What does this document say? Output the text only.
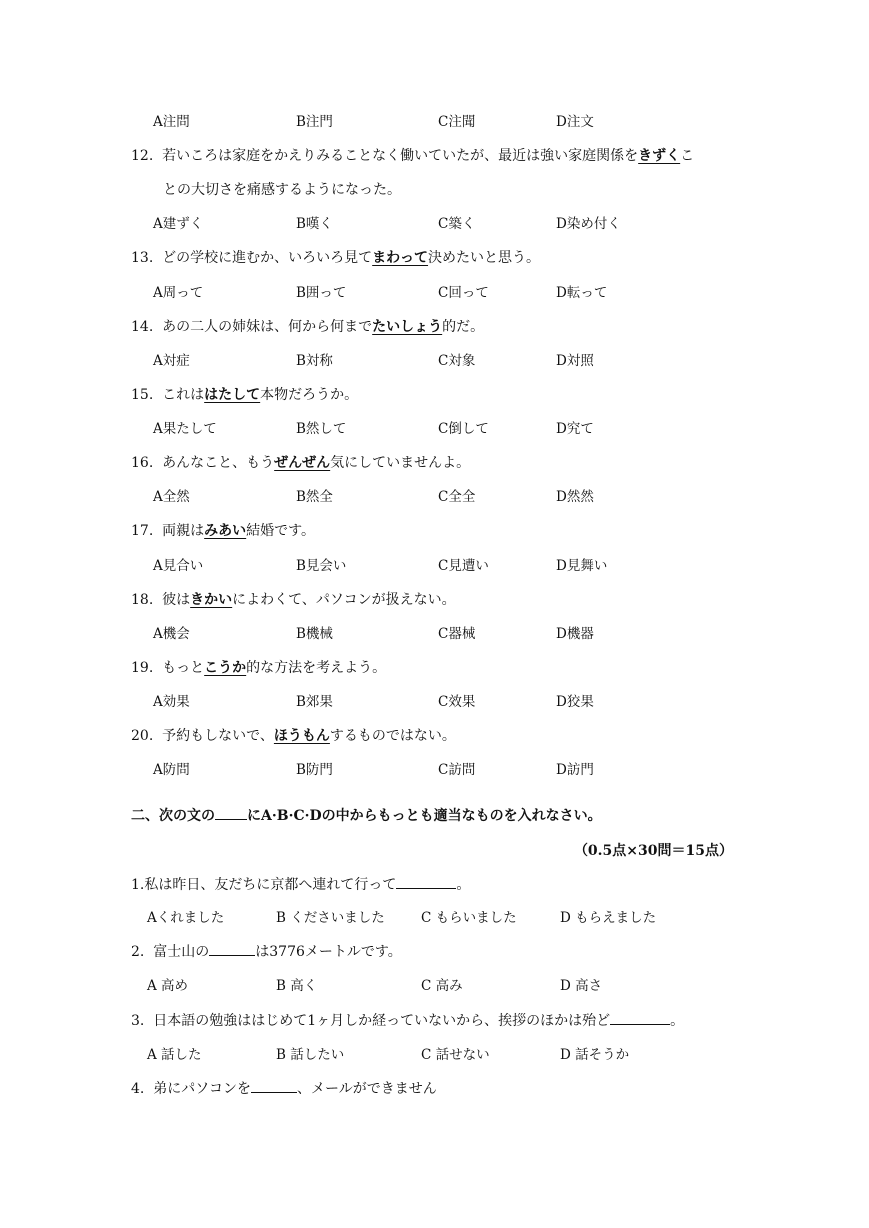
A注問	B注門	C注聞	D注文
12. 若いころは家庭をかえりみることなく働いていたが、最近は強い家庭関係をきずくこ
との大切さを痛感するようになった。
A建ずく	B嘆く	C築く	D染め付く
13. どの学校に進むか、いろいろ見てまわって決めたいと思う。
A周って	B囲って	C回って	D転って
14. あの二人の姉妹は、何から何までたいしょう的だ。
A対症	B対称	C対象	D対照
15. これははたして本物だろうか。
A果たして	B然して	C倒して	D究て
16. あんなこと、もうぜんぜん気にしていませんよ。
A全然	B然全	C全全	D然然
17. 両親はみあい結婚です。
A見合い	B見会い	C見遭い	D見舞い
18. 彼はきかいによわくて、パソコンが扱えない。
A機会	B機械	C器械	D機器
19. もっとこうか的な方法を考えよう。
A効果	B郊果	C效果	D狡果
20. 予約もしないで、ほうもんするものではない。
A防問	B防門	C訪問	D訪門
二、次の文の にA·B·C·Dの中からもっとも適当なものを入れなさい。
（0.5点×30問＝15点）
1.私は昨日、友だちに京都へ連れて行って	。
Aくれました	B くださいました	C もらいました	D もらえました
2. 富士山の	は3776メートルです。
A 高め	B 高く	C 高み	D 高さ
3. 日本語の勉強ははじめて1ヶ月しか経っていないから、挨拶のほかは殆ど	。
A 話した	B 話したい	C 話せない	D 話そうか
4. 弟にパソコンを	、メールができません
